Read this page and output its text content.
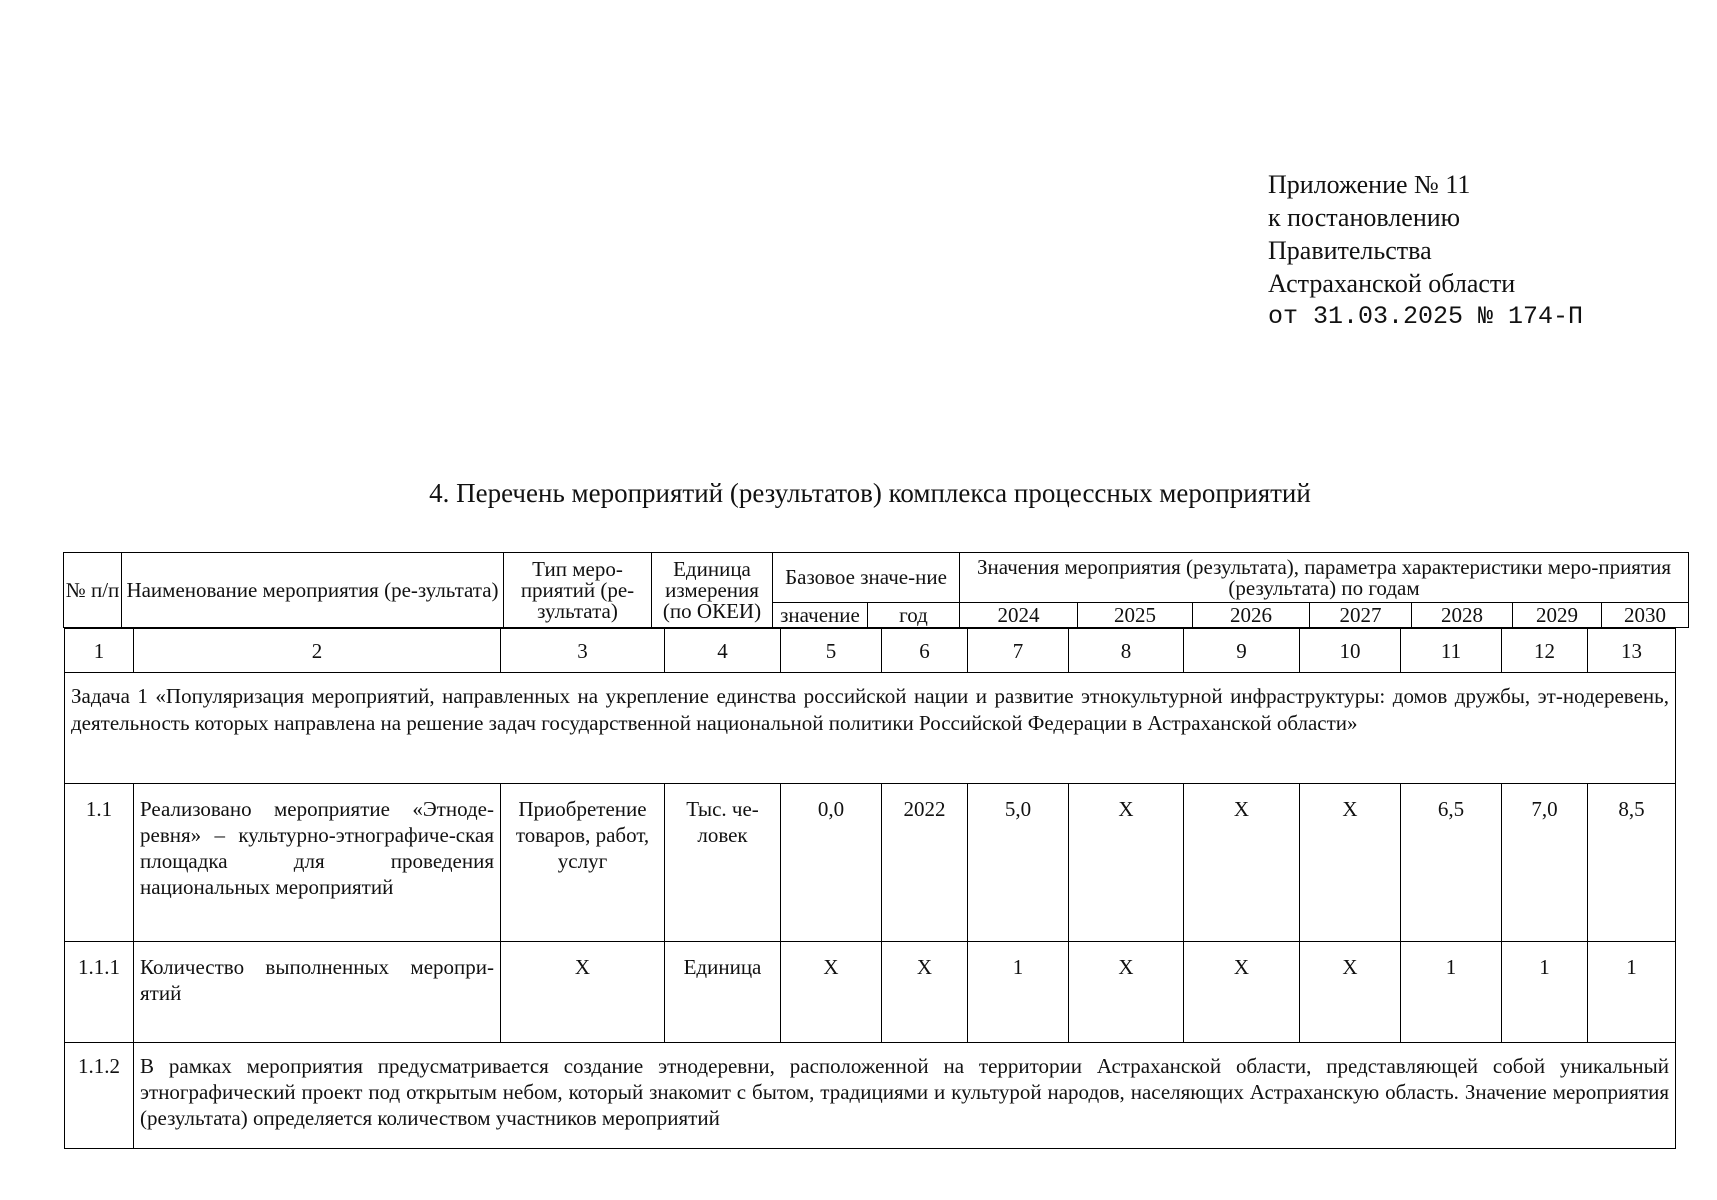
Приложение № 11
к постановлению
Правительства
Астраханской области
от 31.03.2025 № 174-П
4. Перечень мероприятий (результатов) комплекса процессных мероприятий
№ п/п	Наименование мероприятия (ре-зультата)	Тип меро-приятий (ре-зультата)	Единица измерения (по ОКЕИ)	Базовое значе-ние		Значения мероприятия (результата), параметра характеристики меро-приятия (результата) по годам						
				значение	год	2024	2025	2026	2027	2028	2029	2030
1	2	3	4	5	6	7	8	9	10	11	12	13
Задача 1 «Популяризация мероприятий, направленных на укрепление единства российской нации и развитие этнокультурной инфраструктуры: домов дружбы, эт-нодеревень, деятельность которых направлена на решение задач государственной национальной политики Российской Федерации в Астраханской области»												
1.1	Реализовано мероприятие «Этноде-ревня» – культурно-этнографиче-ская площадка для проведения национальных мероприятий	Приобретение товаров, работ, услуг	Тыс. че-ловек	0,0	2022	5,0	X	X	X	6,5	7,0	8,5
1.1.1	Количество выполненных меропри-ятий	X	Единица	X	X	1	X	X	X	1	1	1
1.1.2	В рамках мероприятия предусматривается создание этнодеревни, расположенной на территории Астраханской области, представляющей собой уникальный этнографический проект под открытым небом, который знакомит с бытом, традициями и культурой народов, населяющих Астраханскую область. Значение мероприятия (результата) определяется количеством участников мероприятий											
